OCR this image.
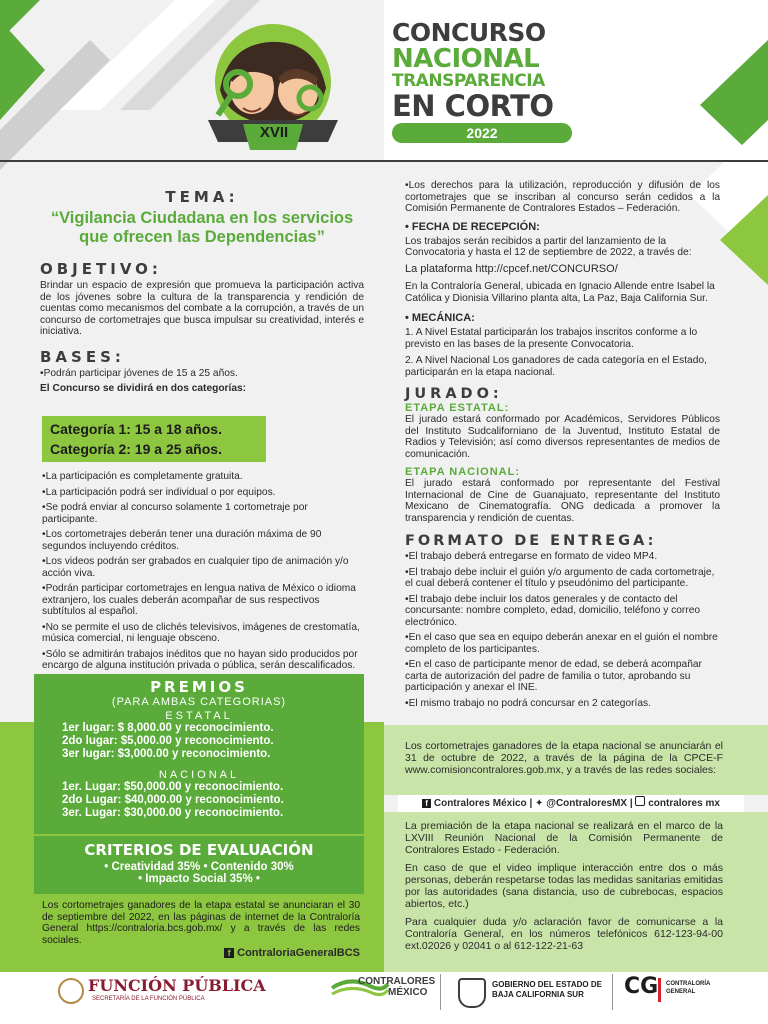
XVII
CONCURSO
NACIONAL
TRANSPARENCIA
EN CORTO
2022
TEMA:
“Vigilancia Ciudadana en los servicios que ofrecen las Dependencias”
OBJETIVO:

Brindar un espacio de expresión que promueva la participación activa de los jóvenes sobre la cultura de la transparencia y rendición de cuentas como mecanismos del combate a la corrupción, a través de un concurso de cortometrajes que busca impulsar su creatividad, interés e iniciativa.

BASES:

•Podrán participar jóvenes de 15 a 25 años.

El Concurso se dividirá en dos categorías:

Categoría 1: 15 a 18 años.
Categoría 2: 19 a 25 años.
•La participación es completamente gratuita.
•La participación podrá ser individual o por equipos.
•Se podrá enviar al concurso solamente 1 cortometraje por participante.
•Los cortometrajes deberán tener una duración máxima de 90 segundos incluyendo créditos.
•Los videos podrán ser grabados en cualquier tipo de animación y/o acción viva.
•Podrán participar cortometrajes en lengua nativa de México o idioma extranjero, los cuales deberán acompañar de sus respectivos subtítulos al español.
•No se permite el uso de clichés televisivos, imágenes de crestomatía, música comercial, ni lenguaje obsceno.
•Sólo se admitirán trabajos inéditos que no hayan sido producidos por encargo de alguna institución privada o pública, serán descalificados.
PREMIOS
(PARA AMBAS CATEGORIAS)
ESTATAL
1er lugar: $ 8,000.00 y reconocimiento.
2do lugar: $5,000.00 y reconocimiento.
3er lugar: $3,000.00 y reconocimiento.
NACIONAL
1er. Lugar: $50,000.00 y reconocimiento.
2do Lugar: $40,000.00 y reconocimiento.
3er. Lugar: $30,000.00 y reconocimiento.
CRITERIOS DE EVALUACIÓN
• Creatividad 35% • Contenido 30%
• Impacto Social 35% •

Los cortometrajes ganadores de la etapa estatal se anunciaran el 30 de septiembre del 2022, en las páginas de internet de la Contraloría General https://contraloria.bcs.gob.mx/ y a través de las redes sociales.

f ContraloriaGeneralBCS

•Los derechos para la utilización, reproducción y difusión de los cortometrajes que se inscriban al concurso serán cedidos a la Comisión Permanente de Contralores Estados – Federación.

• FECHA DE RECEPCIÓN:

Los trabajos serán recibidos a partir del lanzamiento de la Convocatoria y hasta el 12 de septiembre de 2022, a través de:

La plataforma http://cpcef.net/CONCURSO/

En la Contraloría General, ubicada en Ignacio Allende entre Isabel la Católica y Dionisia Villarino planta alta, La Paz, Baja California Sur.

• MECÁNICA:

1. A Nivel Estatal participarán los trabajos inscritos conforme a lo previsto en las bases de la presente Convocatoria.

2. A Nivel Nacional Los ganadores de cada categoría en el Estado, participarán en la etapa nacional.

JURADO:
ETAPA ESTATAL:

El jurado estará conformado por Académicos, Servidores Públicos del Instituto Sudcaliforniano de la Juventud, Instituto Estatal de Radios y Televisión; así como diversos representantes de medios de comunicación.

ETAPA NACIONAL:

El jurado estará conformado por representante del Festival Internacional de Cine de Guanajuato, representante del Instituto Mexicano de Cinematografía. ONG dedicada a promover la transparencia y rendición de cuentas.

FORMATO DE ENTREGA:
•El trabajo deberá entregarse en formato de video MP4.
•El trabajo debe incluir el guión y/o argumento de cada cortometraje, el cual deberá contener el título y pseudónimo del participante.
•El trabajo debe incluir los datos generales y de contacto del concursante: nombre completo, edad, domicilio, teléfono y correo electrónico.
•En el caso que sea en equipo deberán anexar en el guión el nombre completo de los participantes.
•En el caso de participante menor de edad, se deberá acompañar carta de autorización del padre de familia o tutor, aprobando su participación y anexar el INE.
•El mismo trabajo no podrá concursar en 2 categorías.

Los cortometrajes ganadores de la etapa nacional se anunciarán el 31 de octubre de 2022, a través de la página de la CPCE-F www.comisioncontralores.gob.mx, y a través de las redes sociales:

f Contralores México | ✦ @ContraloresMX |  contralores mx

La premiación de la etapa nacional se realizará en el marco de la LXVIII Reunión Nacional de la Comisión Permanente de Contralores Estado - Federación.

En caso de que el video implique interacción entre dos o más personas, deberán respetarse todas las medidas sanitarias emitidas por las autoridades (sana distancia, uso de cubrebocas, espacios abiertos, etc.)

Para cualquier duda y/o aclaración favor de comunicarse a la Contraloría General, en los números telefónicos 612-123-94-00 ext.02026 y 02041 o al 612-122-21-63

FUNCIÓN PÚBLICA
SECRETARÍA DE LA FUNCIÓN PÚBLICA
CONTRALORES
MÉXICO
GOBIERNO DEL ESTADO DE
BAJA CALIFORNIA SUR CG CONTRALORÍA GENERAL
